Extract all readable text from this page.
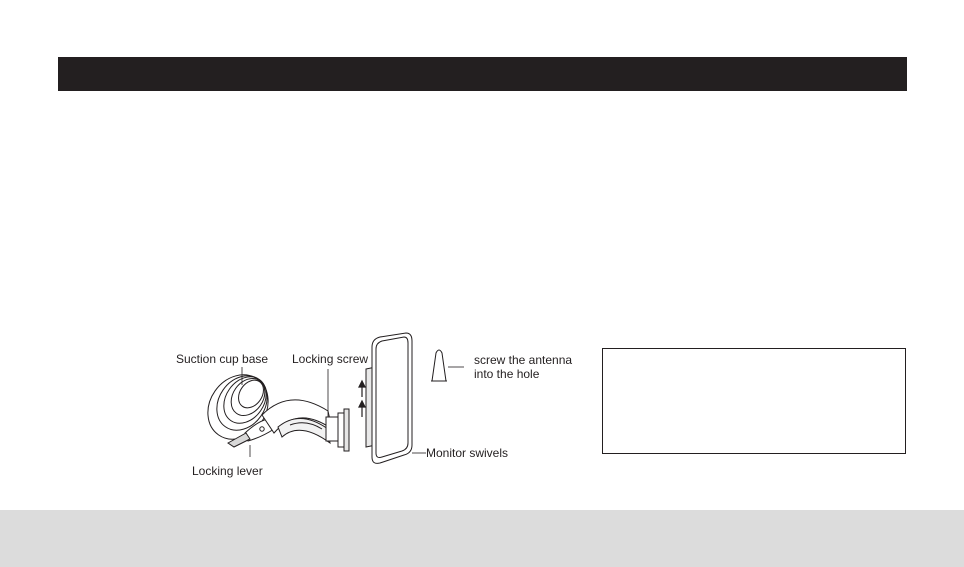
Suction cup base Locking screw	screw the antenna
into the hole
Locking lever
Monitor swivels
